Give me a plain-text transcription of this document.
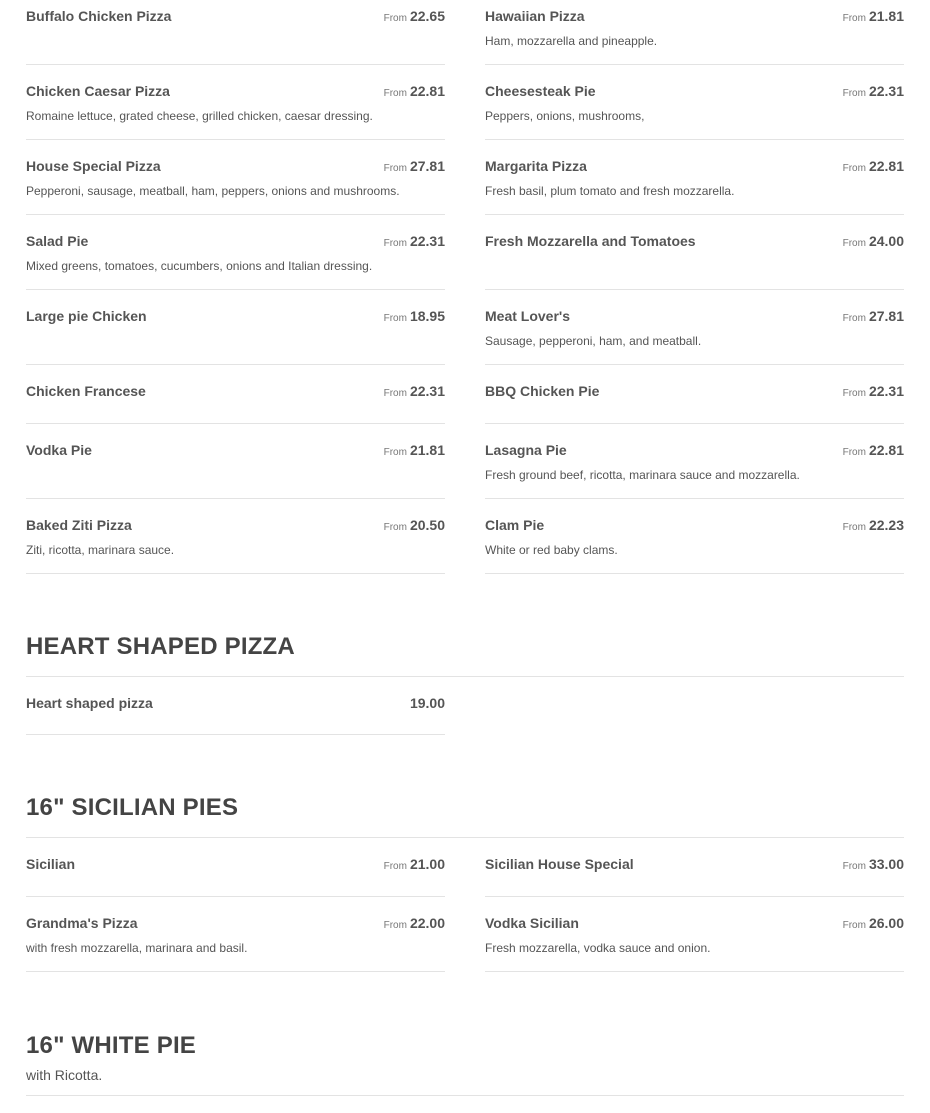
Buffalo Chicken Pizza	From 22.65	Hawaiian Pizza	From 21.81
Ham, mozzarella and pineapple.
Chicken Caesar Pizza	From 22.81
Romaine lettuce, grated cheese, grilled chicken, caesar dressing.
Cheesesteak Pie	From 22.31
Peppers, onions, mushrooms,
House Special Pizza	From 27.81
Pepperoni, sausage, meatball, ham, peppers, onions and mushrooms.
Margarita Pizza	From 22.81
Fresh basil, plum tomato and fresh mozzarella.
Salad Pie	From 22.31
Mixed greens, tomatoes, cucumbers, onions and Italian dressing.
Fresh Mozzarella and Tomatoes	From 24.00
Large pie Chicken	From 18.95	Meat Lover's	From 27.81
Sausage, pepperoni, ham, and meatball.
Chicken Francese	From 22.31	BBQ Chicken Pie	From 22.31
Vodka Pie	From 21.81	Lasagna Pie	From 22.81
Fresh ground beef, ricotta, marinara sauce and mozzarella.
Baked Ziti Pizza	From 20.50
Ziti, ricotta, marinara sauce.
Clam Pie	From 22.23
White or red baby clams.
HEART SHAPED PIZZA
Heart shaped pizza	19.00
16" SICILIAN PIES
Sicilian	From 21.00	Sicilian House Special	From 33.00
Grandma's Pizza	From 22.00
with fresh mozzarella, marinara and basil.
Vodka Sicilian	From 26.00
Fresh mozzarella, vodka sauce and onion.
16" WHITE PIE
with Ricotta.
